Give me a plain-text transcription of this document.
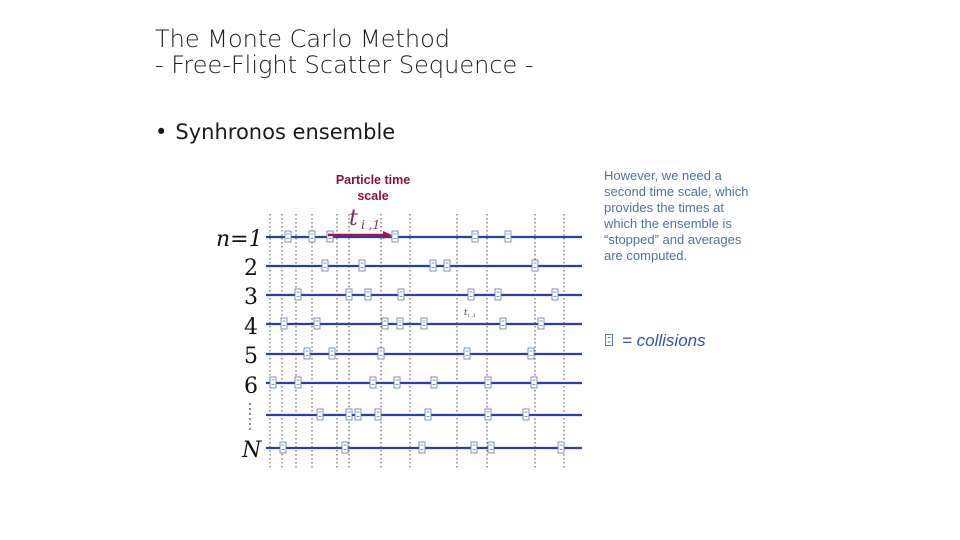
The Monte Carlo Method
- Free-Flight Scatter Sequence -
• Synhronos ensemble
Particle time
scale
t i ,1
t i ,1
n=1
2
3
4
5
6
N
However, we need a second time scale, which provides the times at which the ensemble is “stopped” and averages are computed.
= collisions
